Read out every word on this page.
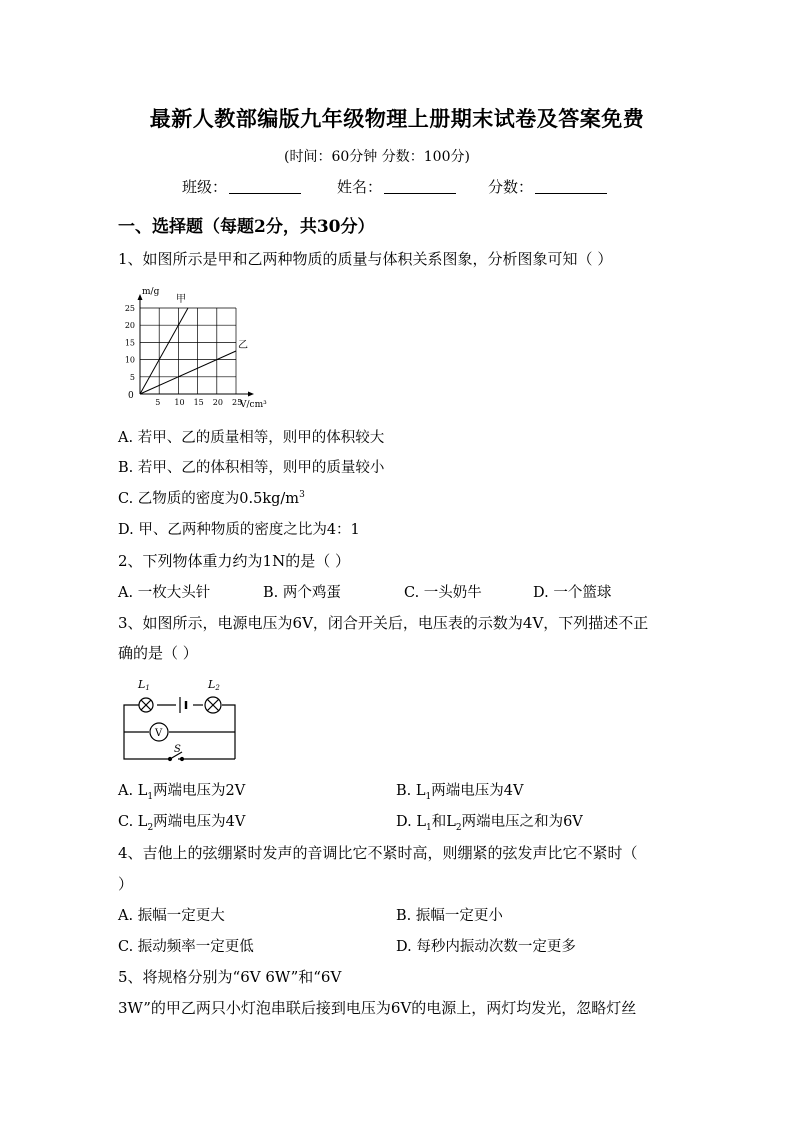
最新人教部编版九年级物理上册期末试卷及答案免费
(时间：60分钟 分数：100分)
班级：	姓名：	分数：
一、选择题（每题2分，共30分）
1、如图所示是甲和乙两种物质的质量与体积关系图象，分析图象可知（ ）
5 10 15 20 25
5
10
15
20
25
m/g
V/cm³
0
甲
乙
A. 若甲、乙的质量相等，则甲的体积较大
B. 若甲、乙的体积相等，则甲的质量较小
C. 乙物质的密度为$0.5kg/m^3$
D. 甲、乙两种物质的密度之比为4：1
2、下列物体重力约为1N的是（ ）
A. 一枚大头针	B. 两个鸡蛋	C. 一头奶牛	D. 一个篮球
3、如图所示，电源电压为6V，闭合开关后，电压表的示数为4V，下列描述不正
确的是（ ）
V
L1	L2
S
A. $L_1$两端电压为2V	B. $L_1$两端电压为4V
C. $L_2$两端电压为4V	D. $L_1$和$L_2$两端电压之和为6V
4、吉他上的弦绷紧时发声的音调比它不紧时高，则绷紧的弦发声比它不紧时（
）
A. 振幅一定更大	B. 振幅一定更小
C. 振动频率一定更低	D. 每秒内振动次数一定更多
5、将规格分别为“6V 6W”和“6V
3W”的甲乙两只小灯泡串联后接到电压为6V的电源上，两灯均发光，忽略灯丝
